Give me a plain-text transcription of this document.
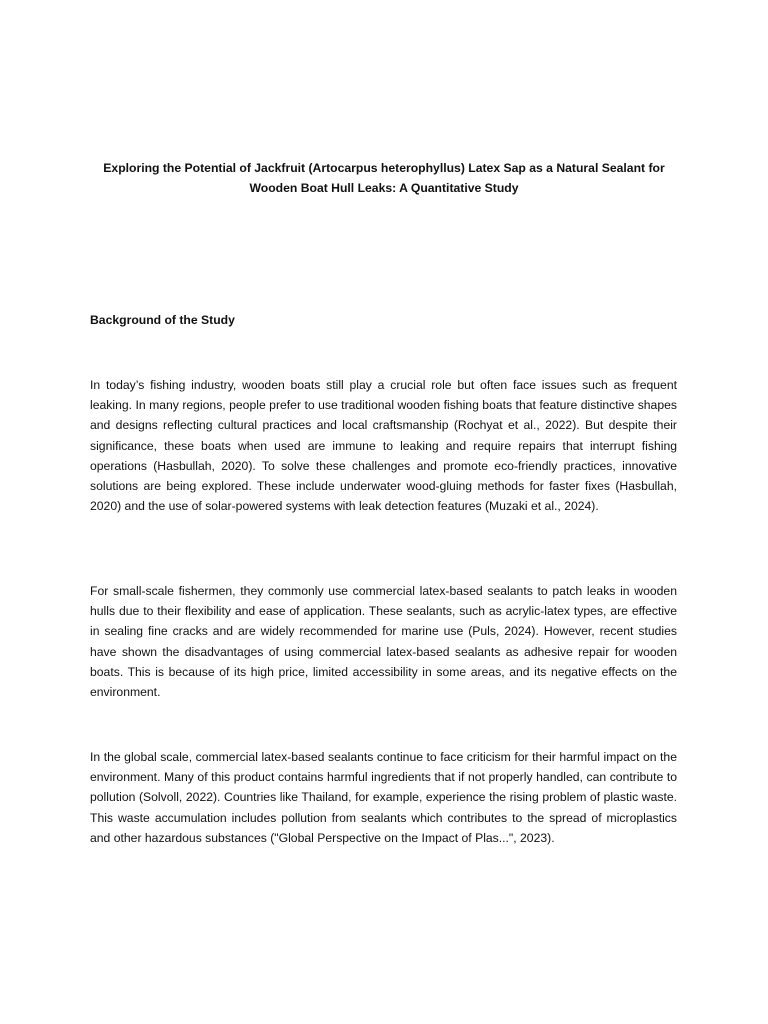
Exploring the Potential of Jackfruit (Artocarpus heterophyllus) Latex Sap as a Natural Sealant for Wooden Boat Hull Leaks: A Quantitative Study

Background of the Study

In today’s fishing industry, wooden boats still play a crucial role but often face issues such as frequent leaking. In many regions, people prefer to use traditional wooden fishing boats that feature distinctive shapes and designs reflecting cultural practices and local craftsmanship (Rochyat et al., 2022). But despite their significance, these boats when used are immune to leaking and require repairs that interrupt fishing operations (Hasbullah, 2020). To solve these challenges and promote eco-friendly practices, innovative solutions are being explored. These include underwater wood-gluing methods for faster fixes (Hasbullah, 2020) and the use of solar-powered systems with leak detection features (Muzaki et al., 2024).

For small-scale fishermen, they commonly use commercial latex-based sealants to patch leaks in wooden hulls due to their flexibility and ease of application. These sealants, such as acrylic-latex types, are effective in sealing fine cracks and are widely recommended for marine use (Puls, 2024). However, recent studies have shown the disadvantages of using commercial latex-based sealants as adhesive repair for wooden boats. This is because of its high price, limited accessibility in some areas, and its negative effects on the environment.

In the global scale, commercial latex-based sealants continue to face criticism for their harmful impact on the environment. Many of this product contains harmful ingredients that if not properly handled, can contribute to pollution (Solvoll, 2022). Countries like Thailand, for example, experience the rising problem of plastic waste. This waste accumulation includes pollution from sealants which contributes to the spread of microplastics and other hazardous substances ("Global Perspective on the Impact of Plas...", 2023).
